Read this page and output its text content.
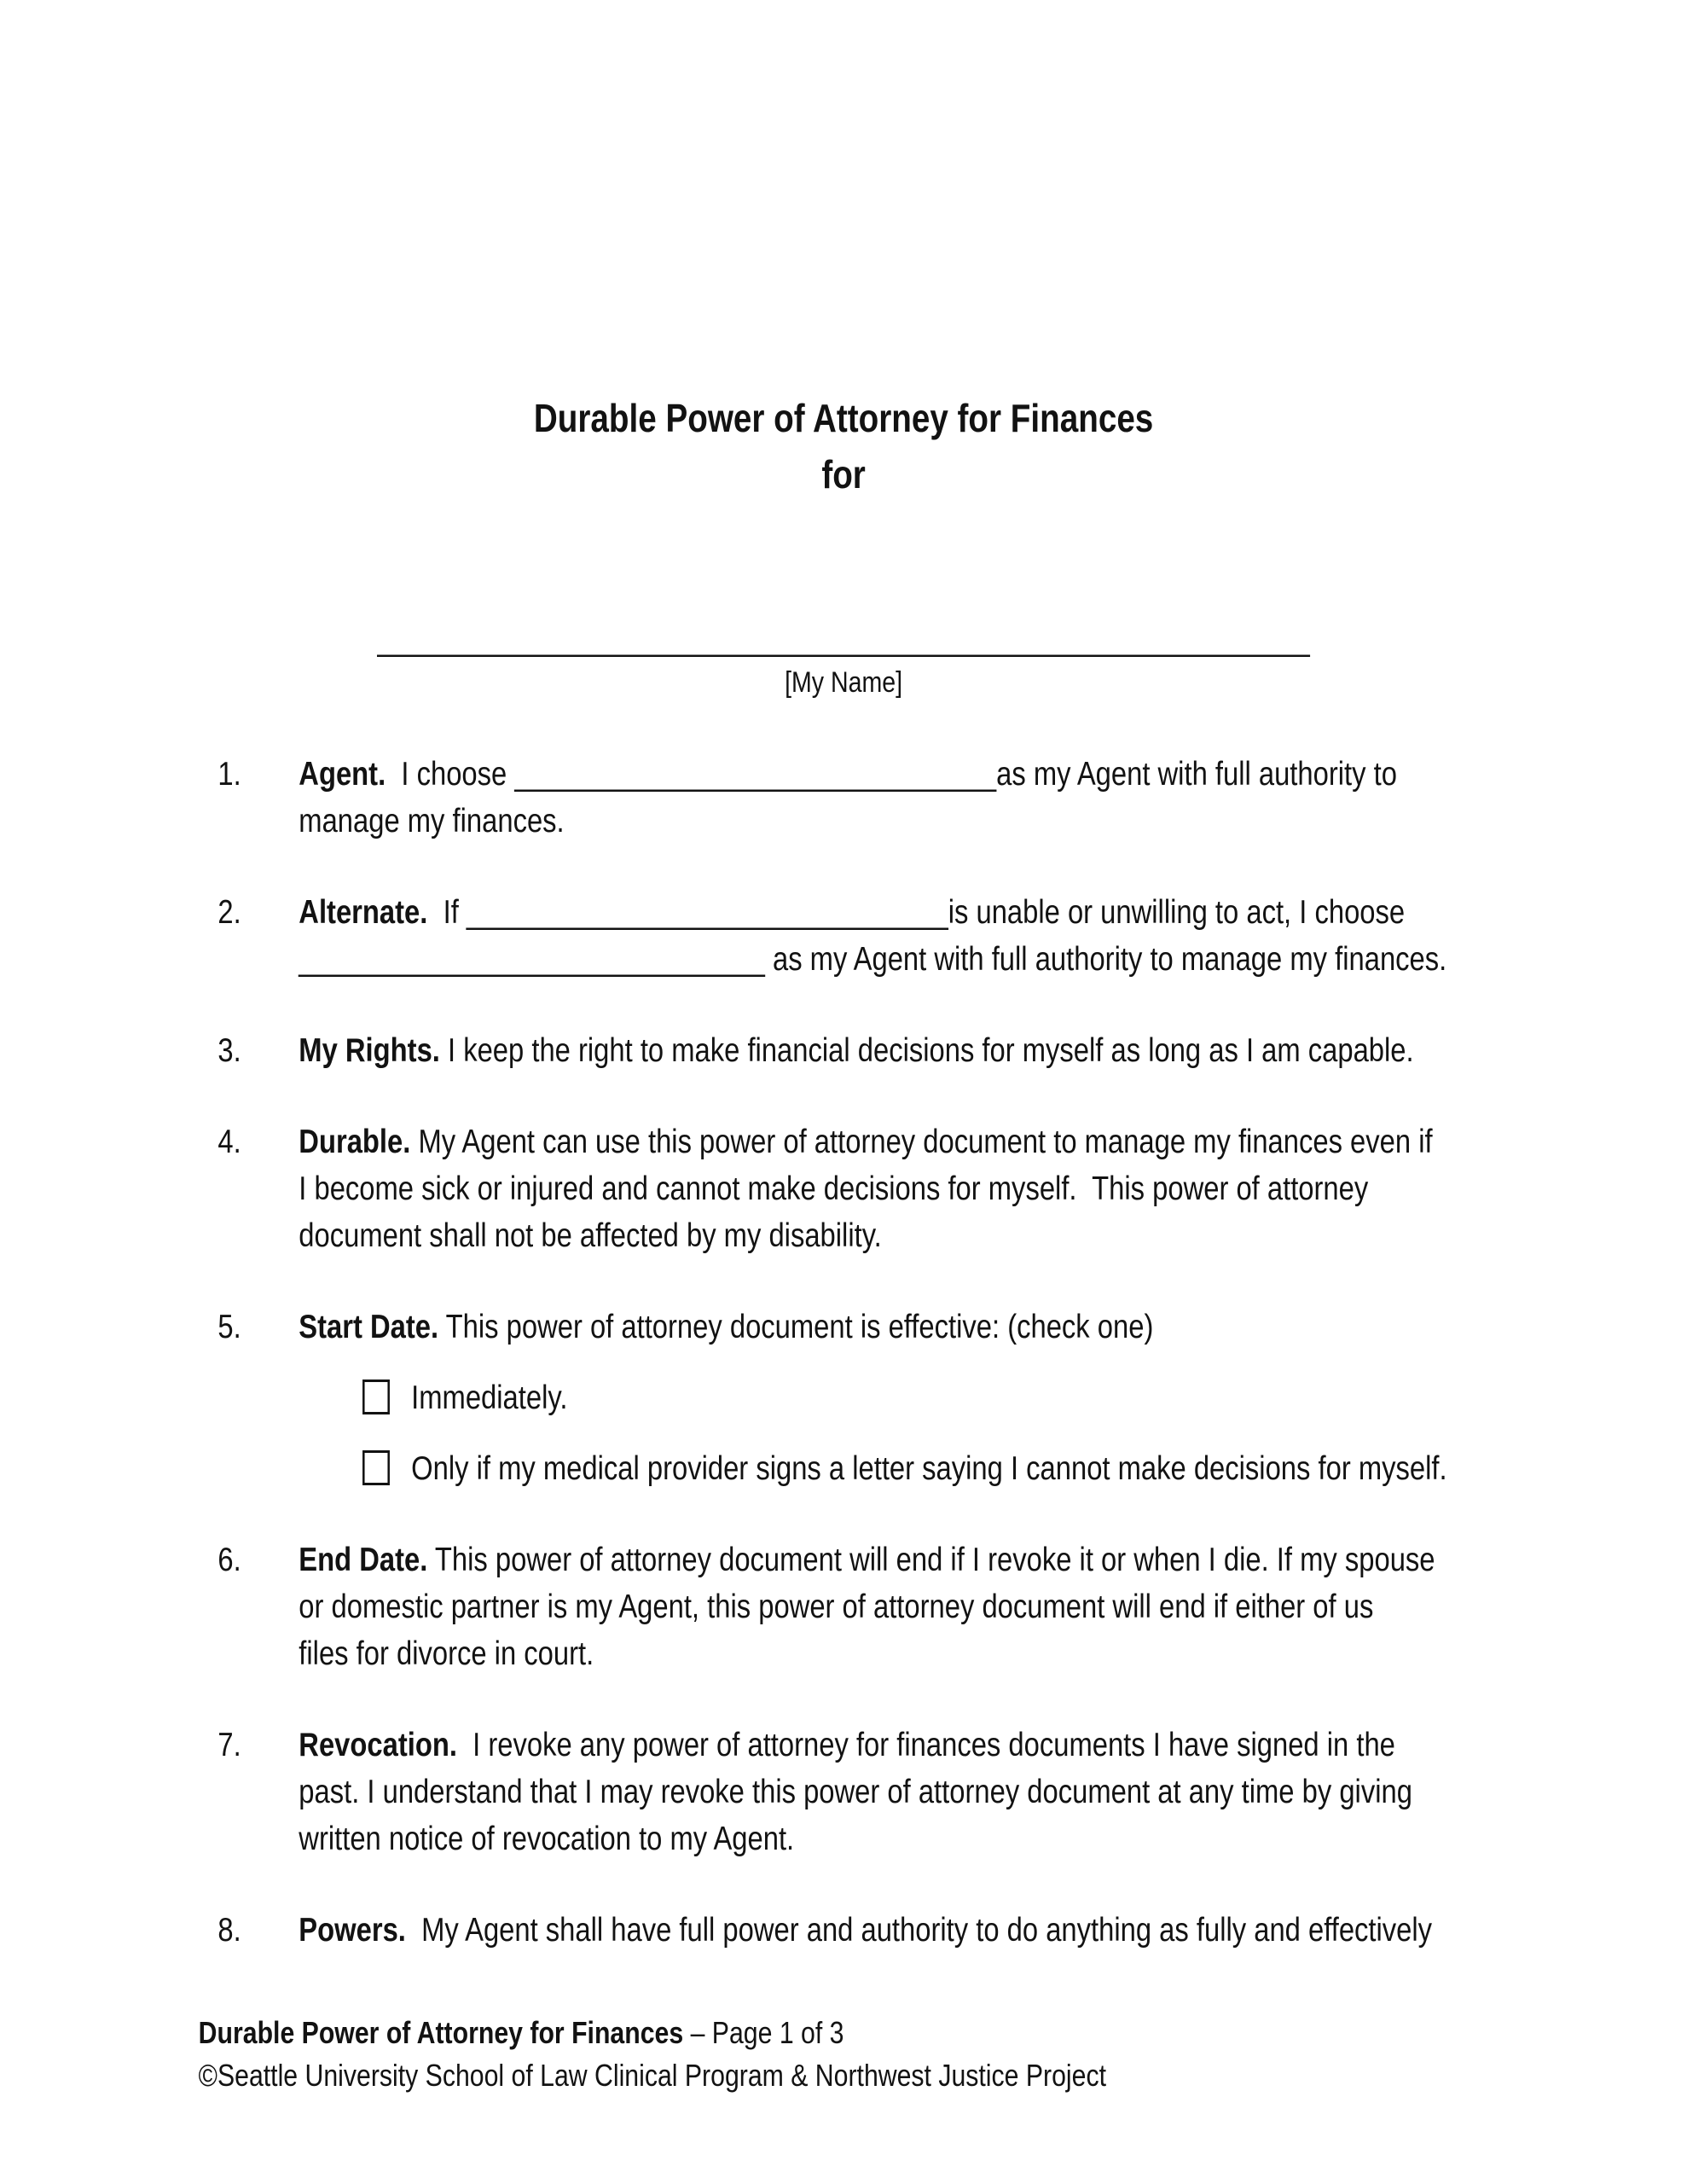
Durable Power of Attorney for Finances
for
____________________________________________________________
[My Name]
1.	Agent.  I choose _______________________________as my Agent with full authority to
manage my finances.
2.	Alternate.  If _______________________________is unable or unwilling to act, I choose
______________________________ as my Agent with full authority to manage my finances.
3.	My Rights. I keep the right to make financial decisions for myself as long as I am capable.
4.	Durable. My Agent can use this power of attorney document to manage my finances even if
I become sick or injured and cannot make decisions for myself.  This power of attorney
document shall not be affected by my disability.
5.	Start Date. This power of attorney document is effective: (check one)
Immediately.
Only if my medical provider signs a letter saying I cannot make decisions for myself.
6.	End Date. This power of attorney document will end if I revoke it or when I die. If my spouse
or domestic partner is my Agent, this power of attorney document will end if either of us
files for divorce in court.
7.	Revocation.  I revoke any power of attorney for finances documents I have signed in the
past. I understand that I may revoke this power of attorney document at any time by giving
written notice of revocation to my Agent.
8.	Powers.  My Agent shall have full power and authority to do anything as fully and effectively
Durable Power of Attorney for Finances – Page 1 of 3
©Seattle University School of Law Clinical Program & Northwest Justice Project
